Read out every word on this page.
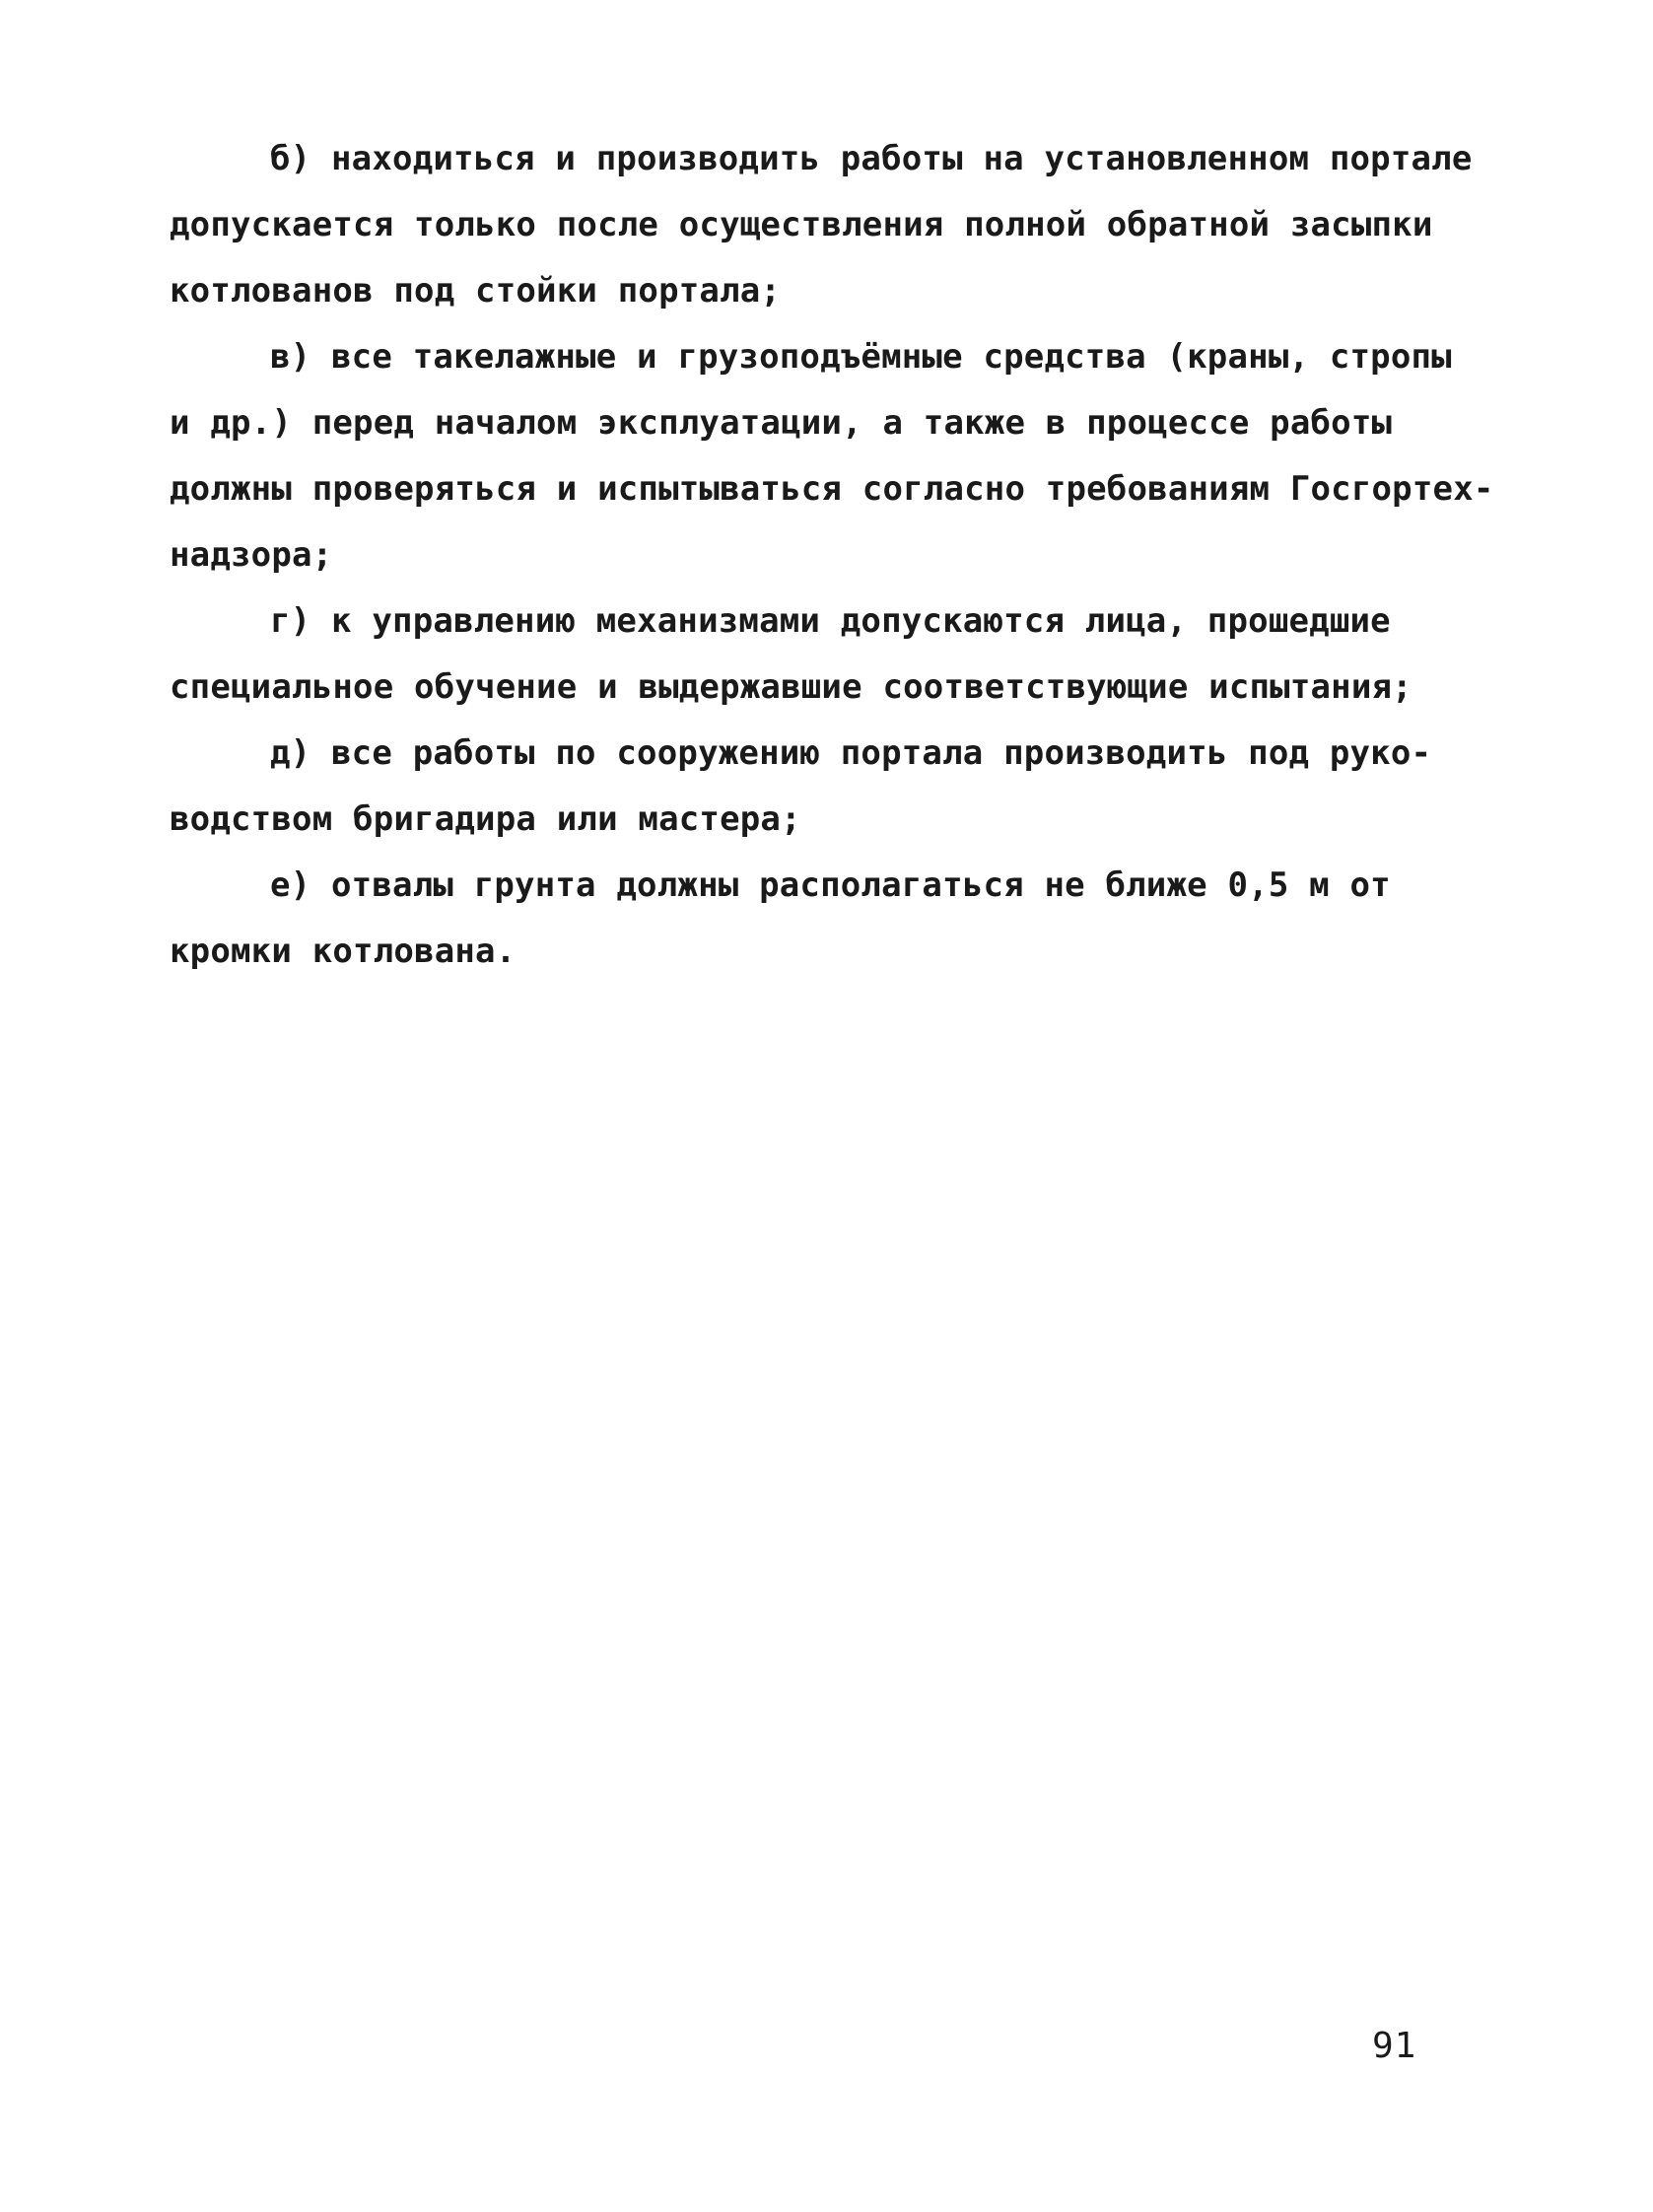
б) находиться и производить работы на установленном портале
допускается только после осуществления полной обратной засыпки
котлованов под стойки портала;
в) все такелажные и грузоподъёмные средства (краны, стропы
и др.) перед началом эксплуатации, а также в процессе работы
должны проверяться и испытываться согласно требованиям Госгортех-
надзора;
г) к управлению механизмами допускаются лица, прошедшие
специальное обучение и выдержавшие соответствующие испытания;
д) все работы по сооружению портала производить под руко-
водством бригадира или мастера;
е) отвалы грунта должны располагаться не ближе 0,5 м от
кромки котлована.
91
